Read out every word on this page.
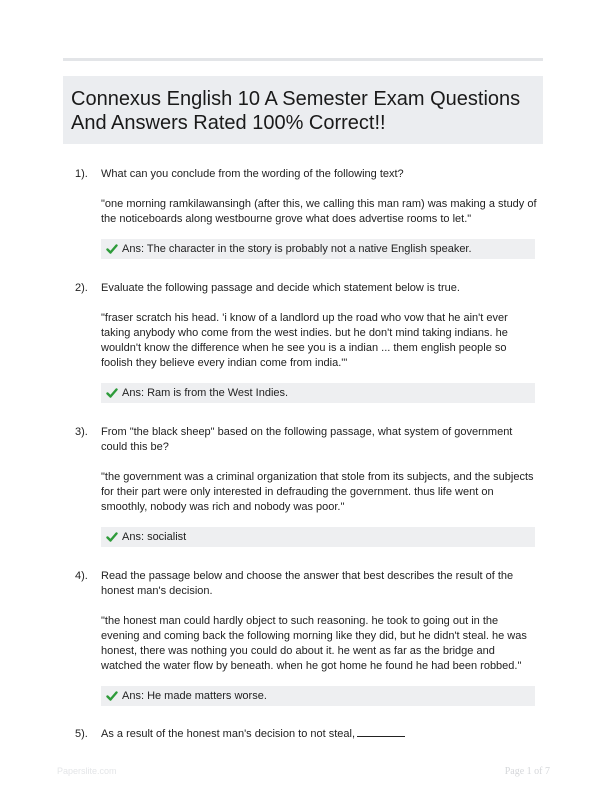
Connexus English 10 A Semester Exam Questions And Answers Rated 100% Correct!!
1). What can you conclude from the wording of the following text?
"one morning ramkilawansingh (after this, we calling this man ram) was making a study of the noticeboards along westbourne grove what does advertise rooms to let."
Ans: The character in the story is probably not a native English speaker.
2). Evaluate the following passage and decide which statement below is true.
"fraser scratch his head. 'i know of a landlord up the road who vow that he ain't ever taking anybody who come from the west indies. but he don't mind taking indians. he wouldn't know the difference when he see you is a indian ... them english people so foolish they believe every indian come from india.'"
Ans: Ram is from the West Indies.
3). From "the black sheep" based on the following passage, what system of government could this be?
"the government was a criminal organization that stole from its subjects, and the subjects for their part were only interested in defrauding the government. thus life went on smoothly, nobody was rich and nobody was poor."
Ans: socialist
4). Read the passage below and choose the answer that best describes the result of the honest man's decision.
"the honest man could hardly object to such reasoning. he took to going out in the evening and coming back the following morning like they did, but he didn't steal. he was honest, there was nothing you could do about it. he went as far as the bridge and watched the water flow by beneath. when he got home he found he had been robbed."
Ans: He made matters worse.
5). As a result of the honest man's decision to not steal,
Paperslite.com	Page 1 of 7
